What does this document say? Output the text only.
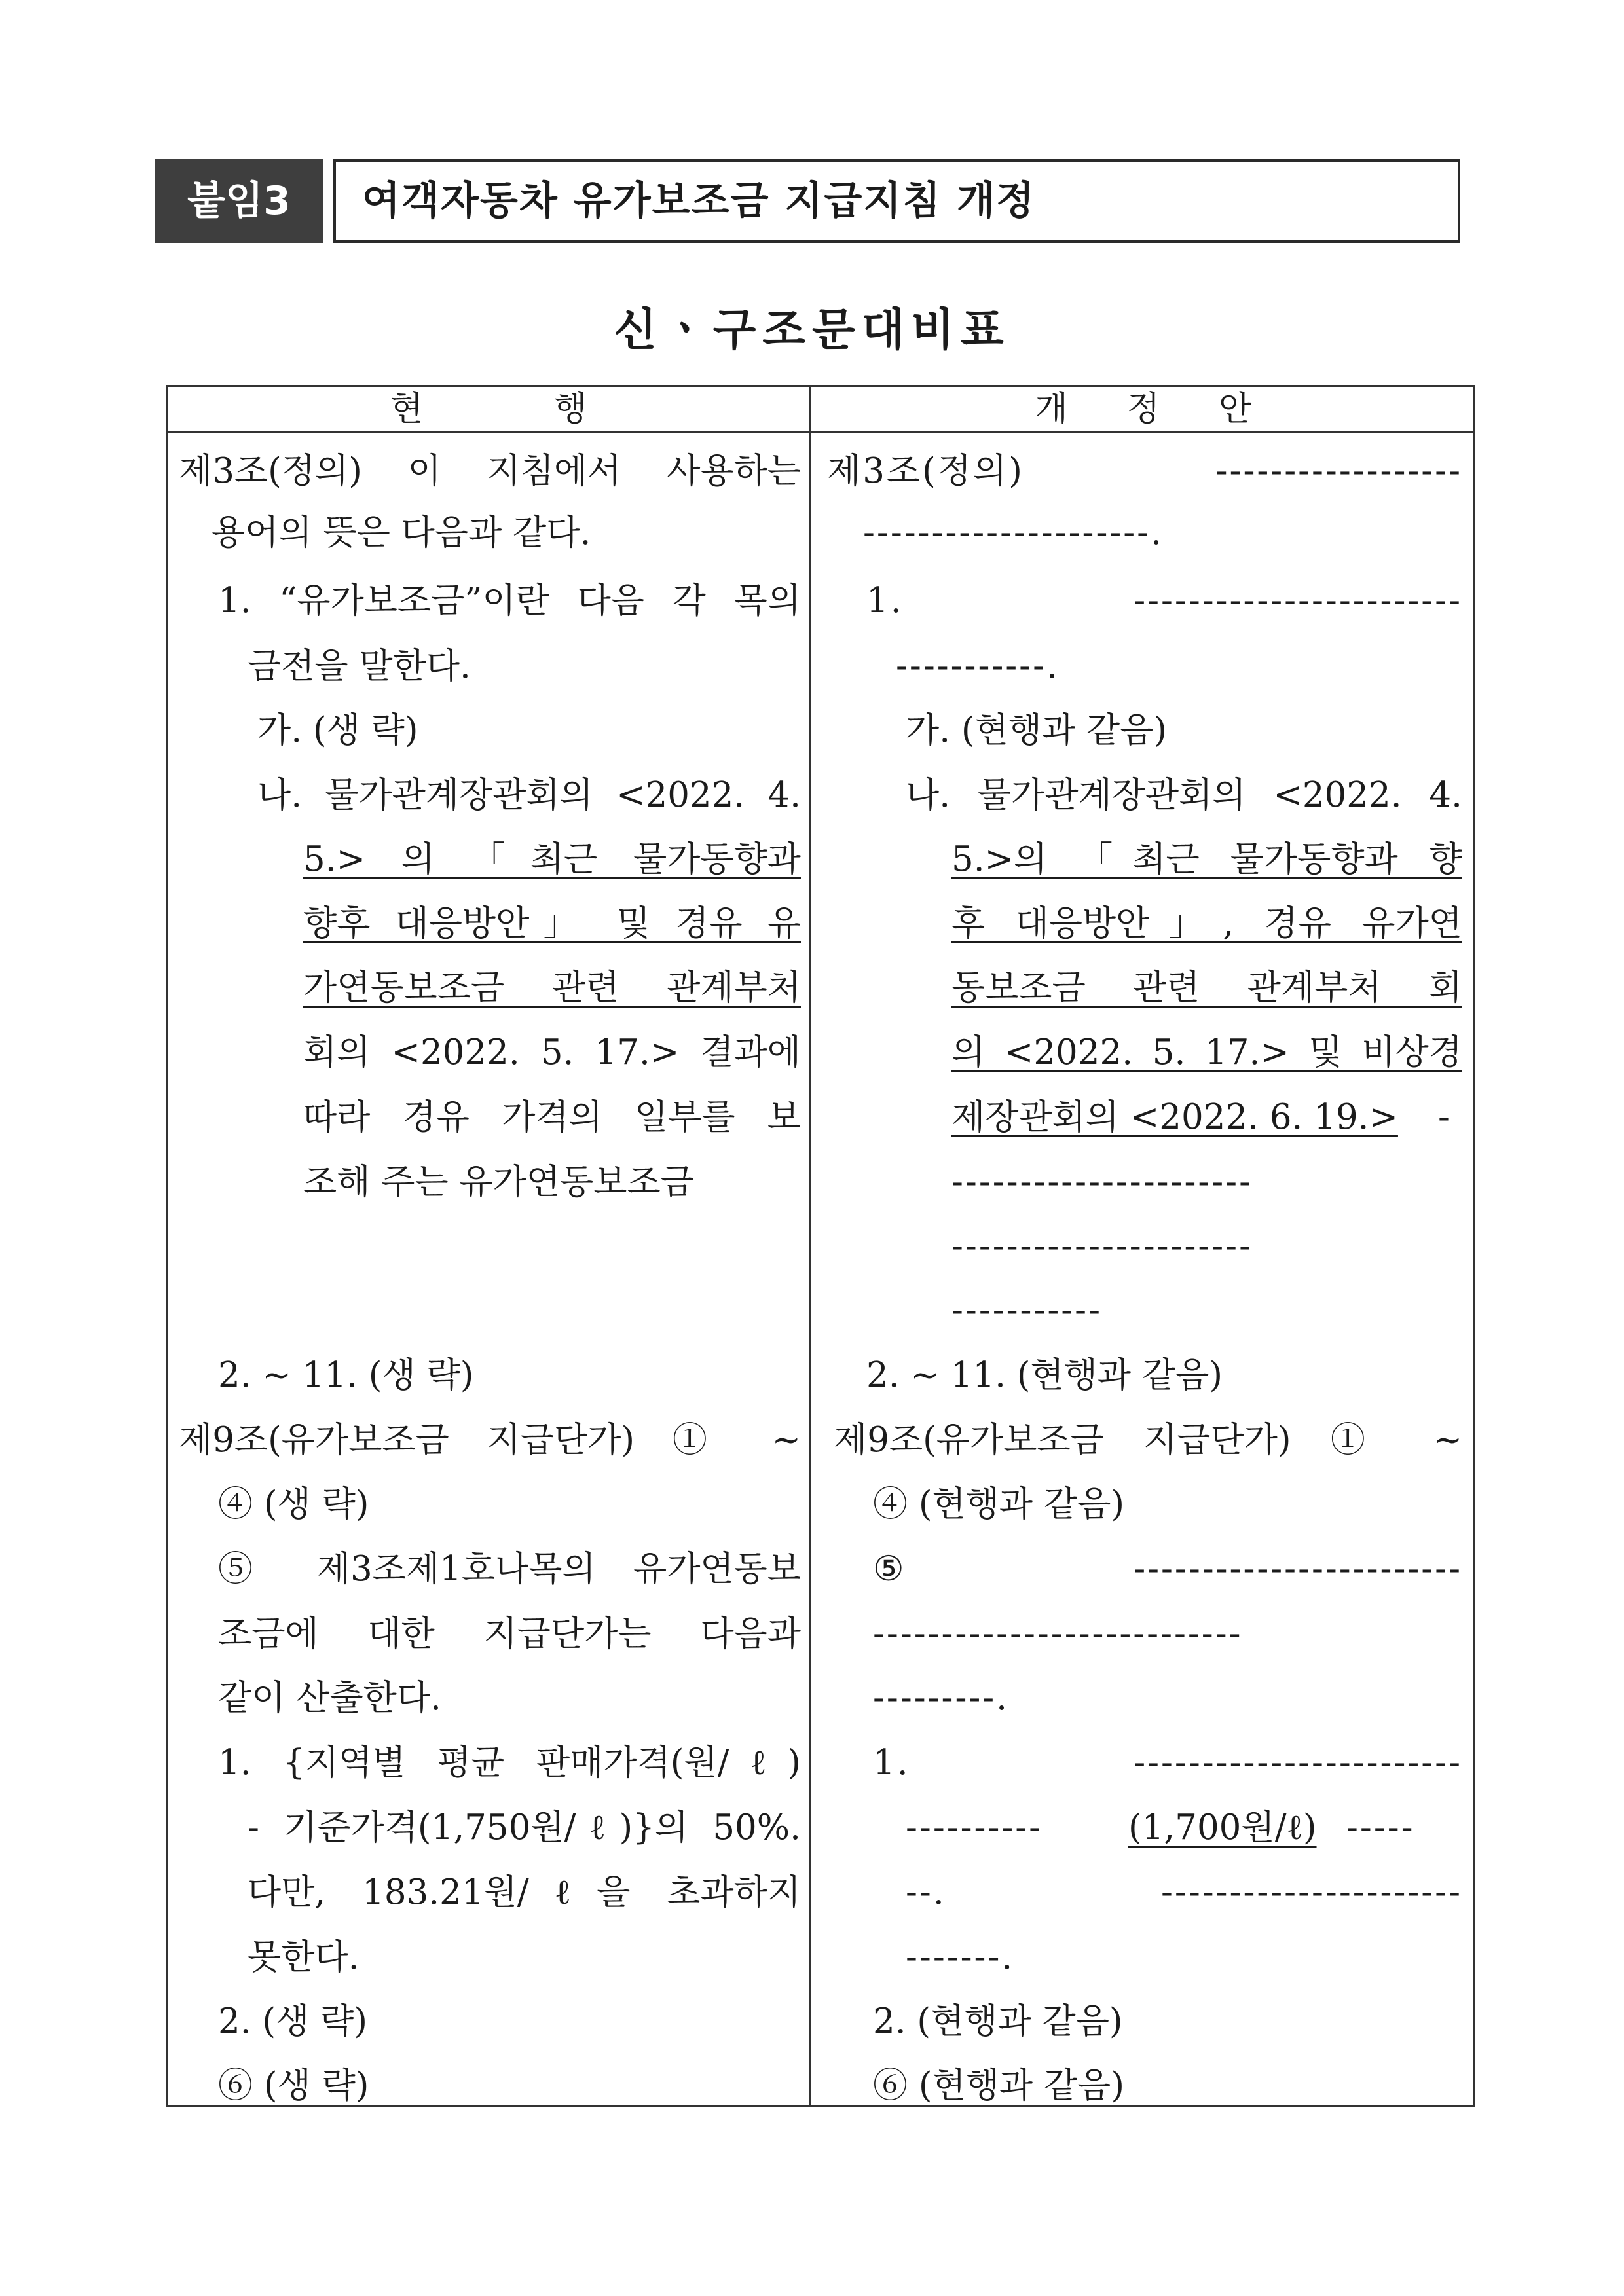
붙임3	여객자동차 유가보조금 지급지침 개정
신ㆍ구조문대비표
현행	개정안
제3조(정의) 이 지침에서 사용하는
용어의 뜻은 다음과 같다.
1. “유가보조금”이란 다음 각 목의
금전을 말한다.
가. (생 략)
나. 물가관계장관회의 <2022. 4.
5.> 의 「최근 물가동향과
향후 대응방안」 및 경유 유
가연동보조금 관련 관계부처
회의 <2022. 5. 17.> 결과에
따라 경유 가격의 일부를 보
조해 주는 유가연동보조금
2. ~ 11. (생 략)
제9조(유가보조금 지급단가) ① ~
④ (생 략)
⑤ 제3조제1호나목의 유가연동보
조금에 대한 지급단가는 다음과
같이 산출한다.
1. {지역별 평균 판매가격(원/ℓ)
- 기준가격(1,750원/ℓ)}의 50%.
다만, 183.21원/ℓ을 초과하지
못한다.
2. (생 략)
⑥ (생 략)
제3조(정의) ------------------
---------------------.
1. ------------------------
-----------.
가. (현행과 같음)
나. 물가관계장관회의 <2022. 4.
5.>의 「최근 물가동향과 향
후 대응방안」, 경유 유가연
동보조금 관련 관계부처 회
의 <2022. 5. 17.> 및 비상경
제장관회의 <2022. 6. 19.> -
----------------------
----------------------
-----------
2. ~ 11. (현행과 같음)
제9조(유가보조금 지급단가) ① ~
④ (현행과 같음)
⑤ ------------------------
---------------------------
---------.
1. ------------------------
---------- (1,700원/ℓ) -----
--. ----------------------
-------.
2. (현행과 같음)
⑥ (현행과 같음)
